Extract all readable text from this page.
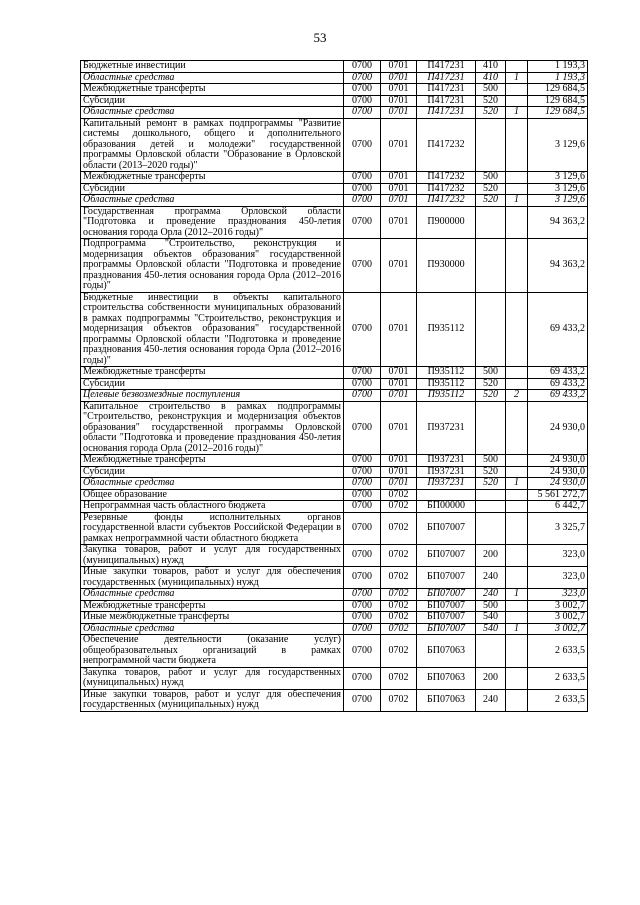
53
Бюджетные инвестиции	0700	0701	П417231	410		1 193,3
Областные средства	0700	0701	П417231	410	1	1 193,3
Межбюджетные трансферты	0700	0701	П417231	500		129 684,5
Субсидии	0700	0701	П417231	520		129 684,5
Областные средства	0700	0701	П417231	520	1	129 684,5
Капитальный ремонт в рамках подпрограммы "Развитие системы дошкольного, общего и дополнительного образования детей и молодежи" государственной программы Орловской области "Образование в Орловской области (2013–2020 годы)"	0700	0701	П417232			3 129,6
Межбюджетные трансферты	0700	0701	П417232	500		3 129,6
Субсидии	0700	0701	П417232	520		3 129,6
Областные средства	0700	0701	П417232	520	1	3 129,6
Государственная программа Орловской области "Подготовка и проведение празднования 450-летия основания города Орла (2012–2016 годы)"	0700	0701	П900000			94 363,2
Подпрограмма "Строительство, реконструкция и модернизация объектов образования" государственной программы Орловской области "Подготовка и проведение празднования 450-летия основания города Орла (2012–2016 годы)"	0700	0701	П930000			94 363,2
Бюджетные инвестиции в объекты капитального строительства собственности муниципальных образований в рамках подпрограммы "Строительство, реконструкция и модернизация объектов образования" государственной программы Орловской области "Подготовка и проведение празднования 450-летия основания города Орла (2012–2016 годы)"	0700	0701	П935112			69 433,2
Межбюджетные трансферты	0700	0701	П935112	500		69 433,2
Субсидии	0700	0701	П935112	520		69 433,2
Целевые безвозмездные поступления	0700	0701	П935112	520	2	69 433,2
Капитальное строительство в рамках подпрограммы "Строительство, реконструкция и модернизация объектов образования" государственной программы Орловской области "Подготовка и проведение празднования 450-летия основания города Орла (2012–2016 годы)"	0700	0701	П937231			24 930,0
Межбюджетные трансферты	0700	0701	П937231	500		24 930,0
Субсидии	0700	0701	П937231	520		24 930,0
Областные средства	0700	0701	П937231	520	1	24 930,0
Общее образование	0700	0702				5 561 272,7
Непрограммная часть областного бюджета	0700	0702	БП00000			6 442,7
Резервные фонды исполнительных органов государственной власти субъектов Российской Федерации в рамках непрограммной части областного бюджета	0700	0702	БП07007			3 325,7
Закупка товаров, работ и услуг для государственных (муниципальных) нужд	0700	0702	БП07007	200		323,0
Иные закупки товаров, работ и услуг для обеспечения государственных (муниципальных) нужд	0700	0702	БП07007	240		323,0
Областные средства	0700	0702	БП07007	240	1	323,0
Межбюджетные трансферты	0700	0702	БП07007	500		3 002,7
Иные межбюджетные трансферты	0700	0702	БП07007	540		3 002,7
Областные средства	0700	0702	БП07007	540	1	3 002,7
Обеспечение деятельности (оказание услуг) общеобразовательных организаций в рамках непрограммной части бюджета	0700	0702	БП07063			2 633,5
Закупка товаров, работ и услуг для государственных (муниципальных) нужд	0700	0702	БП07063	200		2 633,5
Иные закупки товаров, работ и услуг для обеспечения государственных (муниципальных) нужд	0700	0702	БП07063	240		2 633,5
